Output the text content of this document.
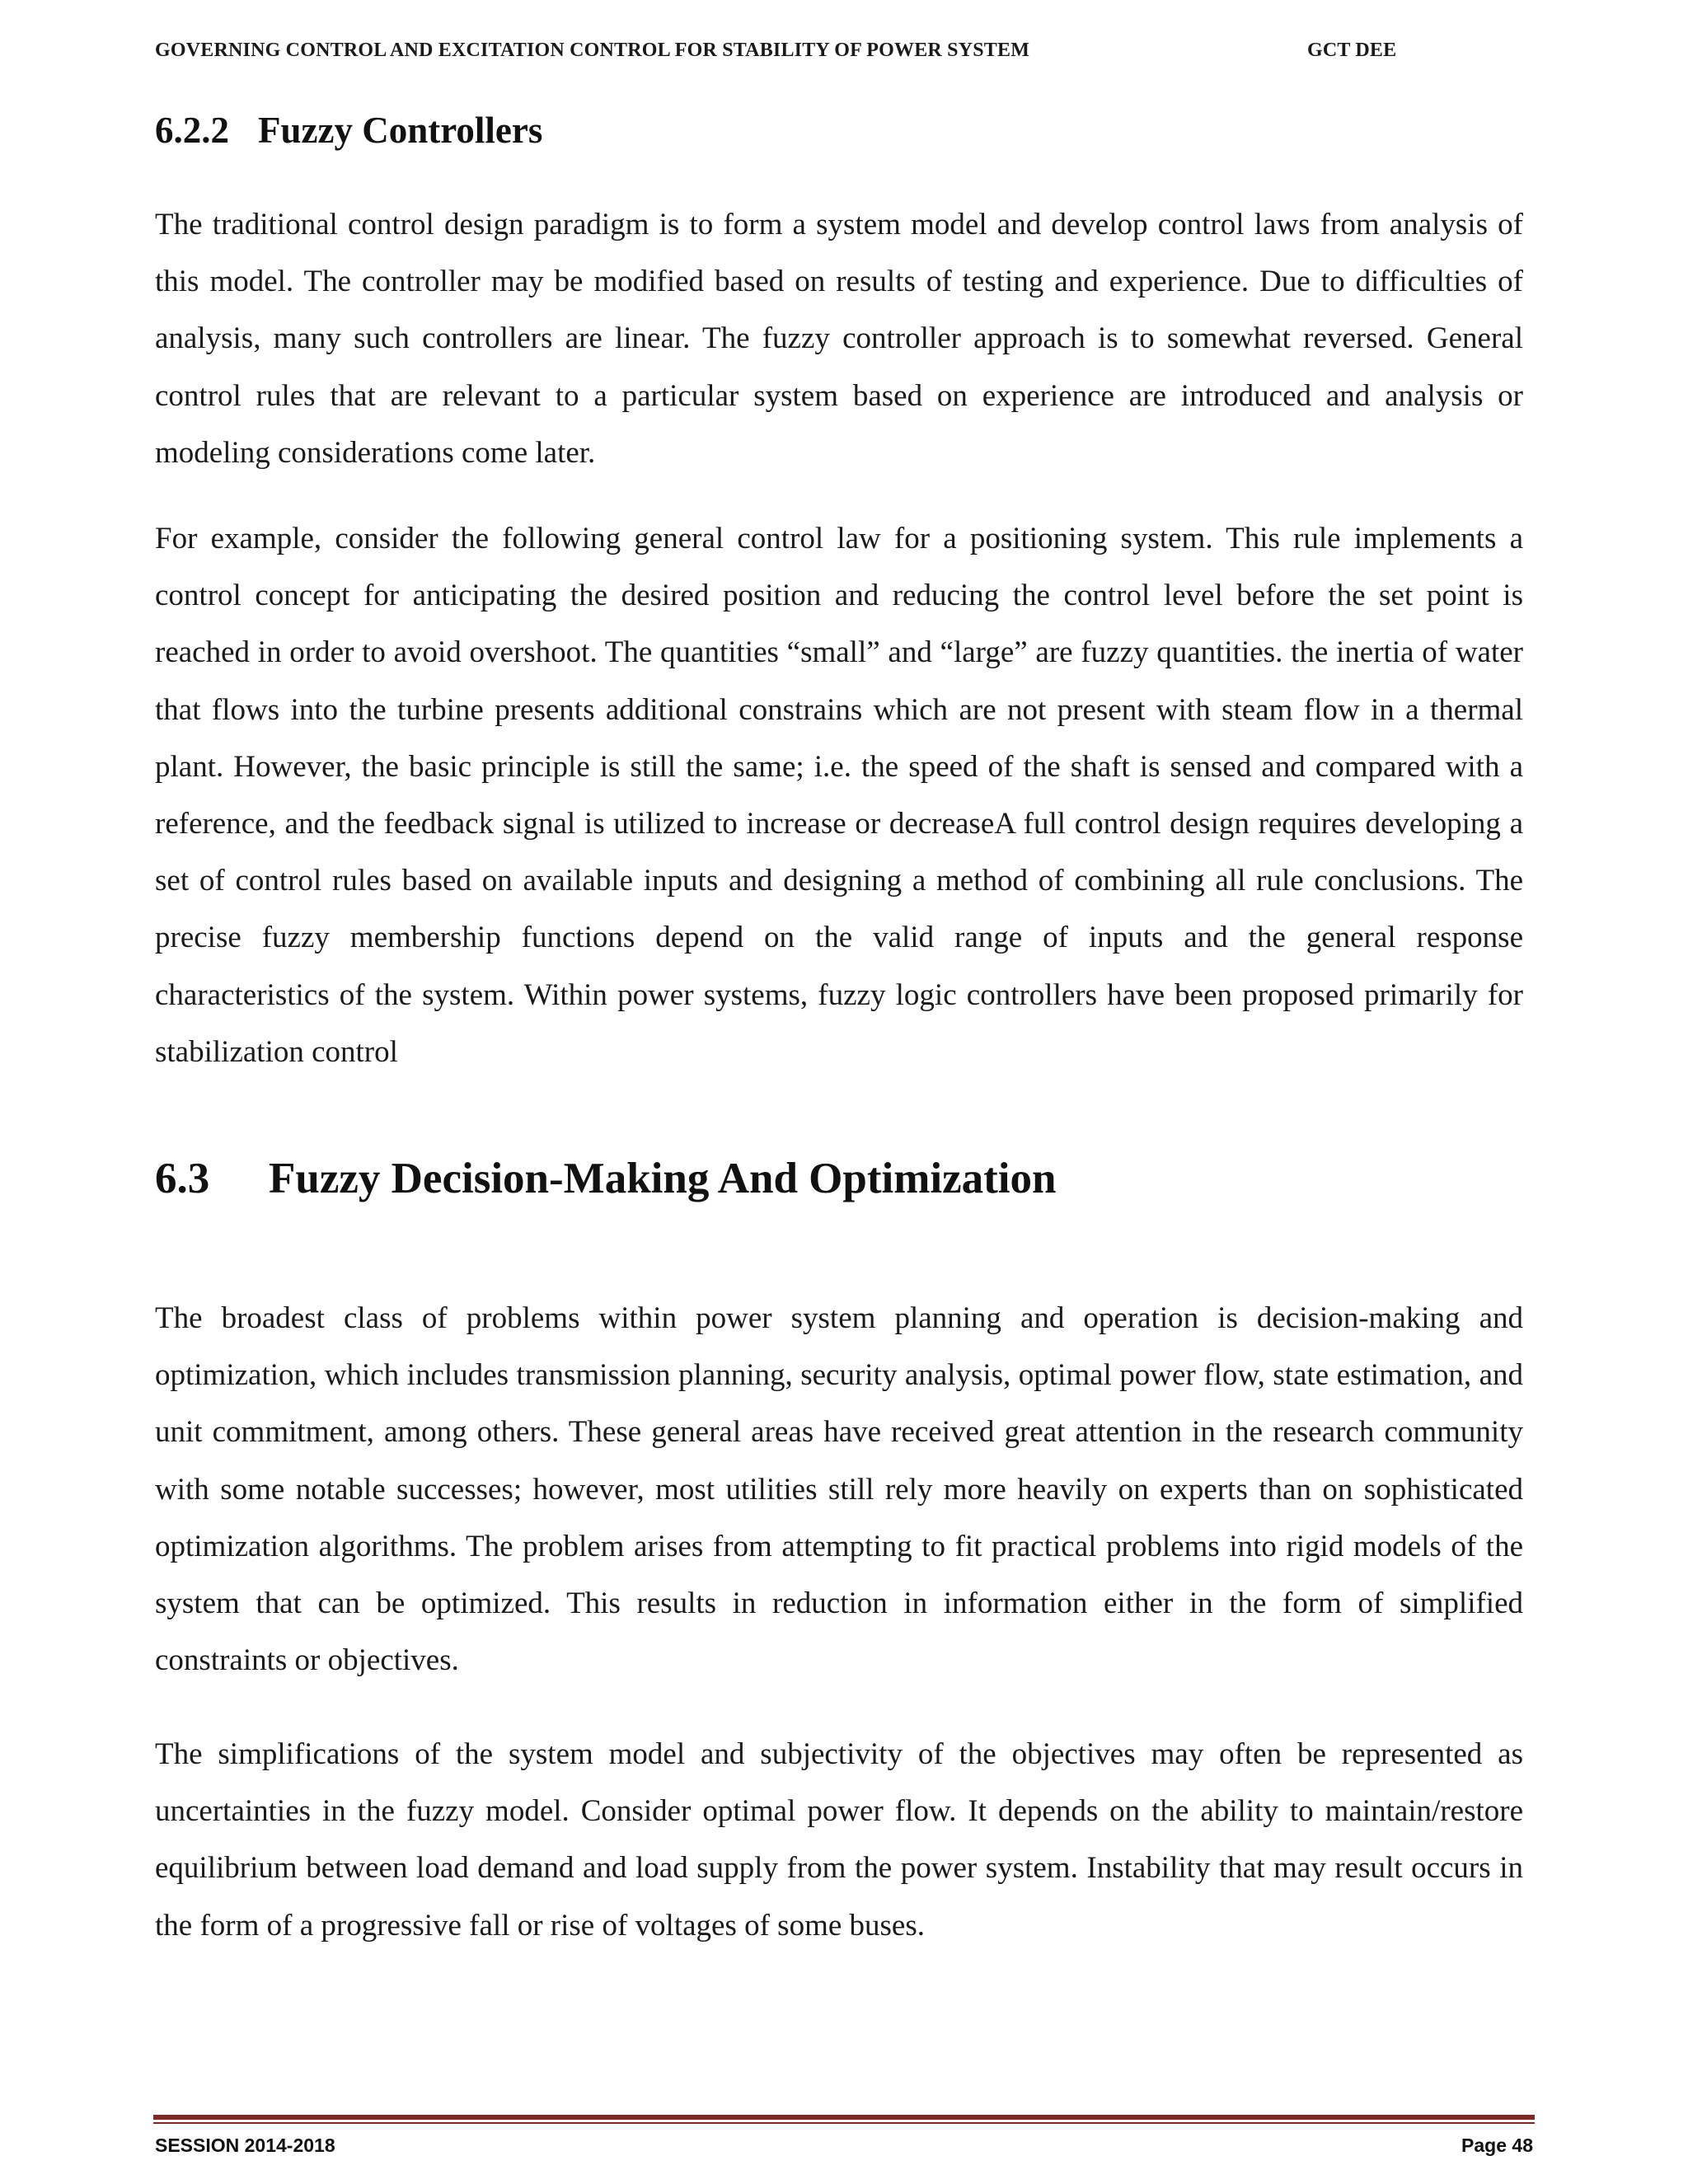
GOVERNING CONTROL AND EXCITATION CONTROL FOR STABILITY OF POWER SYSTEM	GCT DEE
6.2.2 Fuzzy Controllers

The traditional control design paradigm is to form a system model and develop control laws from analysis of this model. The controller may be modified based on results of testing and experience. Due to difficulties of analysis, many such controllers are linear. The fuzzy controller approach is to somewhat reversed. General control rules that are relevant to a particular system based on experience are introduced and analysis or modeling considerations come later.

For example, consider the following general control law for a positioning system. This rule implements a control concept for anticipating the desired position and reducing the control level before the set point is reached in order to avoid overshoot. The quantities “small” and “large” are fuzzy quantities. the inertia of water that flows into the turbine presents additional constrains which are not present with steam flow in a thermal plant. However, the basic principle is still the same; i.e. the speed of the shaft is sensed and compared with a reference, and the feedback signal is utilized to increase or decreaseA full control design requires developing a set of control rules based on available inputs and designing a method of combining all rule conclusions. The precise fuzzy membership functions depend on the valid range of inputs and the general response characteristics of the system. Within power systems, fuzzy logic controllers have been proposed primarily for stabilization control

6.3 Fuzzy Decision-Making And Optimization

The broadest class of problems within power system planning and operation is decision-making and optimization, which includes transmission planning, security analysis, optimal power flow, state estimation, and unit commitment, among others. These general areas have received great attention in the research community with some notable successes; however, most utilities still rely more heavily on experts than on sophisticated optimization algorithms. The problem arises from attempting to fit practical problems into rigid models of the system that can be optimized. This results in reduction in information either in the form of simplified constraints or objectives.

The simplifications of the system model and subjectivity of the objectives may often be represented as uncertainties in the fuzzy model. Consider optimal power flow. It depends on the ability to maintain/restore equilibrium between load demand and load supply from the power system. Instability that may result occurs in the form of a progressive fall or rise of voltages of some buses.

SESSION 2014-2018	Page 48
